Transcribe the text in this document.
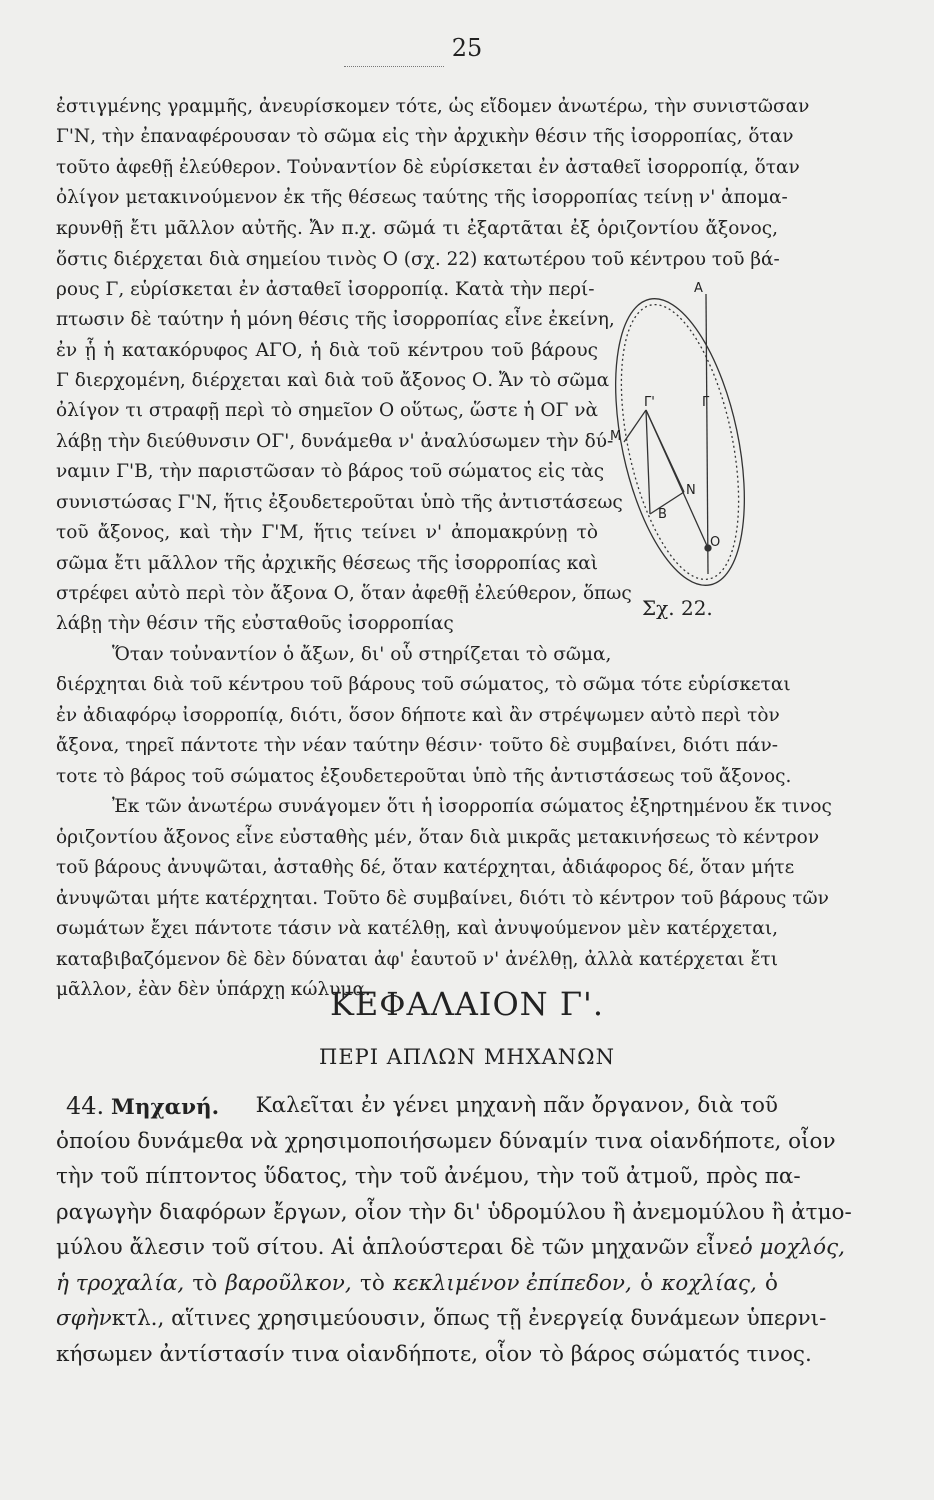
25

ἐστιγμένης γραμμῆς, ἀνευρίσκομεν τότε, ὡς εἴδομεν ἀνωτέρω, τὴν συνιστῶσαν

Γ'Ν, τὴν ἐπαναφέρουσαν τὸ σῶμα εἰς τὴν ἀρχικὴν θέσιν τῆς ἰσορροπίας, ὅταν

τοῦτο ἀφεθῇ ἐλεύθερον. Τοὐναντίον δὲ εὑρίσκεται ἐν ἀσταθεῖ ἰσορροπίᾳ, ὅταν

ὀλίγον μετακινούμενον ἐκ τῆς θέσεως ταύτης τῆς ἰσορροπίας τείνῃ ν' ἀπομα-

κρυνθῇ ἔτι μᾶλλον αὐτῆς. Ἄν π.χ. σῶμά τι ἐξαρτᾶται ἐξ ὁριζοντίου ἄξονος,

ὅστις διέρχεται διὰ σημείου τινὸς Ο (σχ. 22) κατωτέρου τοῦ κέντρου τοῦ βά-

ρους Γ, εὑρίσκεται ἐν ἀσταθεῖ ἰσορροπίᾳ. Κατὰ τὴν περί-

πτωσιν δὲ ταύτην ἡ μόνη θέσις τῆς ἰσορροπίας εἶνε ἐκείνη,

ἐν ᾗ ἡ κατακόρυφος ΑΓΟ, ἡ διὰ τοῦ κέντρου τοῦ βάρους

Γ διερχομένη, διέρχεται καὶ διὰ τοῦ ἄξονος Ο. Ἄν τὸ σῶμα

ὀλίγον τι στραφῇ περὶ τὸ σημεῖον Ο οὕτως, ὥστε ἡ ΟΓ νὰ

λάβῃ τὴν διεύθυνσιν ΟΓ', δυνάμεθα ν' ἀναλύσωμεν τὴν δύ-

ναμιν Γ'Β, τὴν παριστῶσαν τὸ βάρος τοῦ σώματος εἰς τὰς

συνιστώσας Γ'Ν, ἥτις ἐξουδετεροῦται ὑπὸ τῆς ἀντιστάσεως

τοῦ ἄξονος, καὶ τὴν Γ'Μ, ἥτις τείνει ν' ἀπομακρύνῃ τὸ

σῶμα ἔτι μᾶλλον τῆς ἀρχικῆς θέσεως τῆς ἰσορροπίας καὶ

στρέφει αὐτὸ περὶ τὸν ἄξονα Ο, ὅταν ἀφεθῇ ἐλεύθερον, ὅπως

λάβῃ τὴν θέσιν τῆς εὐσταθοῦς ἰσορροπίας

Ὅταν τοὐναντίον ὁ ἄξων, δι' οὗ στηρίζεται τὸ σῶμα,

διέρχηται διὰ τοῦ κέντρου τοῦ βάρους τοῦ σώματος, τὸ σῶμα τότε εὑρίσκεται

ἐν ἀδιαφόρῳ ἰσορροπίᾳ, διότι, ὅσον δήποτε καὶ ἂν στρέψωμεν αὐτὸ περὶ τὸν

ἄξονα, τηρεῖ πάντοτε τὴν νέαν ταύτην θέσιν· τοῦτο δὲ συμβαίνει, διότι πάν-

τοτε τὸ βάρος τοῦ σώματος ἐξουδετεροῦται ὑπὸ τῆς ἀντιστάσεως τοῦ ἄξονος.

Ἐκ τῶν ἀνωτέρω συνάγομεν ὅτι ἡ ἰσορροπία σώματος ἐξηρτημένου ἔκ τινος

ὁριζοντίου ἄξονος εἶνε εὐσταθὴς μέν, ὅταν διὰ μικρᾶς μετακινήσεως τὸ κέντρον

τοῦ βάρους ἀνυψῶται, ἀσταθὴς δέ, ὅταν κατέρχηται, ἀδιάφορος δέ, ὅταν μήτε

ἀνυψῶται μήτε κατέρχηται. Τοῦτο δὲ συμβαίνει, διότι τὸ κέντρον τοῦ βάρους τῶν

σωμάτων ἔχει πάντοτε τάσιν νὰ κατέλθῃ, καὶ ἀνυψούμενον μὲν κατέρχεται,

καταβιβαζόμενον δὲ δὲν δύναται ἀφ' ἑαυτοῦ ν' ἀνέλθῃ, ἀλλὰ κατέρχεται ἔτι

μᾶλλον, ἐὰν δὲν ὑπάρχῃ κώλυμα.

A
Γ'	Γ
M
N
B
O
Σχ. 22.
ΚΕΦΑΛΑΙΟΝ Γ'.
ΠΕΡΙ ΑΠΛΩΝ ΜΗΧΑΝΩΝ

44. Μηχανή. Καλεῖται ἐν γένει μηχανὴ πᾶν ὄργανον, διὰ τοῦ

ὁποίου δυνάμεθα νὰ χρησιμοποιήσωμεν δύναμίν τινα οἱανδήποτε, οἷον

τὴν τοῦ πίπτοντος ὕδατος, τὴν τοῦ ἀνέμου, τὴν τοῦ ἀτμοῦ, πρὸς πα-

ραγωγὴν διαφόρων ἔργων, οἷον τὴν δι' ὑδρομύλου ἢ ἀνεμομύλου ἢ ἀτμο-

μύλου ἄλεσιν τοῦ σίτου. Αἱ ἁπλούστεραι δὲ τῶν μηχανῶν εἶνε ὁ μοχλός,

ἡ τροχαλία, τὸ βαροῦλκον, τὸ κεκλιμένον ἐπίπεδον, ὁ κοχλίας, ὁ

σφὴν κτλ., αἵτινες χρησιμεύουσιν, ὅπως τῇ ἐνεργείᾳ δυνάμεων ὑπερνι-

κήσωμεν ἀντίστασίν τινα οἱανδήποτε, οἷον τὸ βάρος σώματός τινος.
